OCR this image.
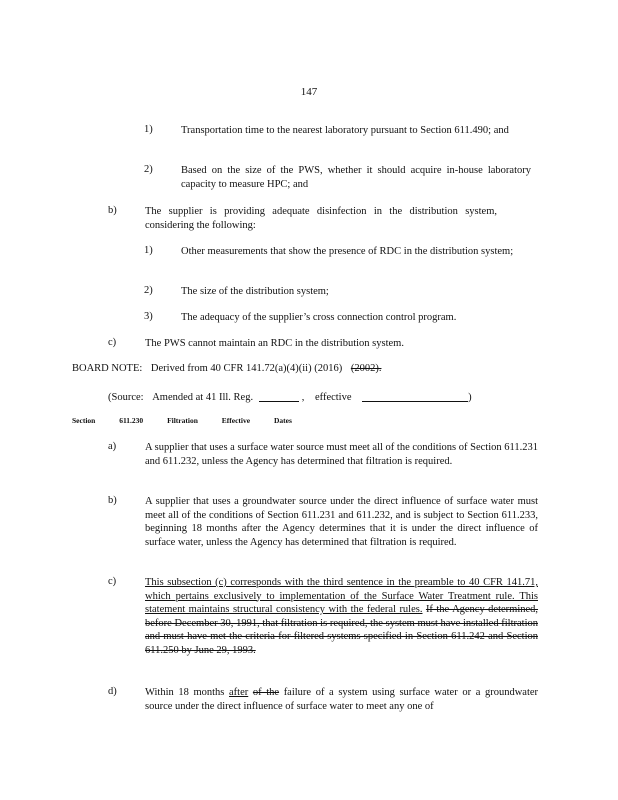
147
1)	Transportation time to the nearest laboratory pursuant to Section 611.490; and
2)	Based on the size of the PWS, whether it should acquire in-house laboratory capacity to measure HPC; and
b)	The supplier is providing adequate disinfection in the distribution system, considering the following:
1)	Other measurements that show the presence of RDC in the distribution system;
2)	The size of the distribution system;
3)	The adequacy of the supplier’s cross connection control program.
c)	The PWS cannot maintain an RDC in the distribution system.
BOARD NOTE: Derived from 40 CFR 141.72(a)(4)(ii) (2016) (2002).
(Source: Amended at 41 Ill. Reg.	, effective	)
Section	611.230	Filtration	Effective	Dates
a)	A supplier that uses a surface water source must meet all of the conditions of Section 611.231 and 611.232, unless the Agency has determined that filtration is required.
b)	A supplier that uses a groundwater source under the direct influence of surface water must meet all of the conditions of Section 611.231 and 611.232, and is subject to Section 611.233, beginning 18 months after the Agency determines that it is under the direct influence of surface water, unless the Agency has determined that filtration is required.
c)	This subsection (c) corresponds with the third sentence in the preamble to 40 CFR 141.71, which pertains exclusively to implementation of the Surface Water Treatment rule. This statement maintains structural consistency with the federal rules. If the Agency determined, before December 30, 1991, that filtration is required, the system must have installed filtration and must have met the criteria for filtered systems specified in Section 611.242 and Section 611.250 by June 29, 1993.
d)	Within 18 months after of the failure of a system using surface water or a groundwater source under the direct influence of surface water to meet any one of
